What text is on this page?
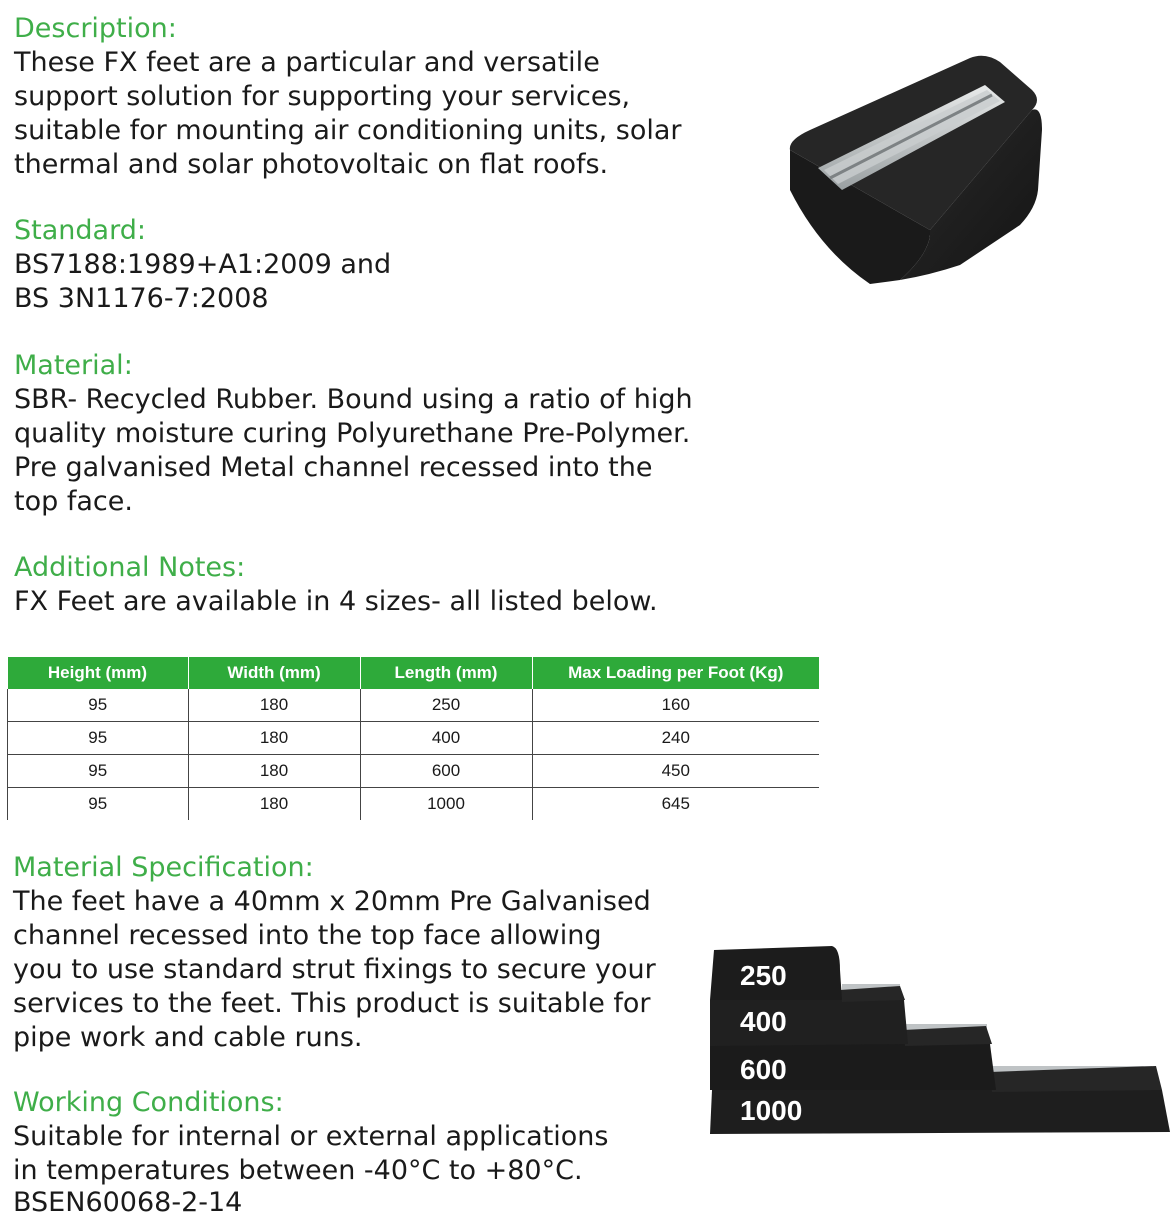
Description:
These FX feet are a particular and versatile
support solution for supporting your services,
suitable for mounting air conditioning units, solar
thermal and solar photovoltaic on flat roofs.
Standard:
BS7188:1989+A1:2009 and
BS 3N1176-7:2008
Material:
SBR- Recycled Rubber. Bound using a ratio of high
quality moisture curing Polyurethane Pre-Polymer.
Pre galvanised Metal channel recessed into the
top face.
Additional Notes:
FX Feet are available in 4 sizes- all listed below.
Height (mm)	Width (mm)	Length (mm)	Max Loading per Foot (Kg)
95	180	250	160
95	180	400	240
95	180	600	450
95	180	1000	645
Material Specification:
The feet have a 40mm x 20mm Pre Galvanised
channel recessed into the top face allowing
you to use standard strut fixings to secure your
services to the feet. This product is suitable for
pipe work and cable runs.
Working Conditions:
Suitable for internal or external applications
in temperatures between -40°C to +80°C.
BSEN60068-2-14
250
400
600
1000
